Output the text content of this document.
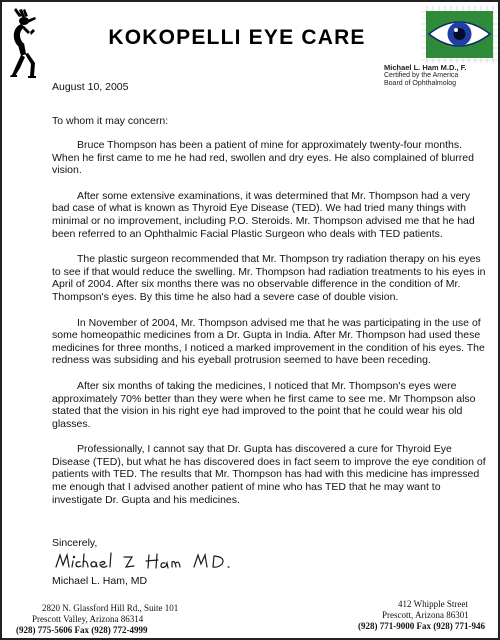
KOKOPELLI EYE CARE
Michael L. Ham M.D., F.
Certified by the America
Board of Ophthalmolog
August 10, 2005
To whom it may concern:

Bruce Thompson has been a patient of mine for approximately twenty-four months. When he first came to me he had red, swollen and dry eyes. He also complained of blurred vision.

After some extensive examinations, it was determined that Mr. Thompson had a very bad case of what is known as Thyroid Eye Disease (TED). We had tried many things with minimal or no improvement, including P.O. Steroids. Mr. Thompson advised me that he had been referred to an Ophthalmic Facial Plastic Surgeon who deals with TED patients.

The plastic surgeon recommended that Mr. Thompson try radiation therapy on his eyes to see if that would reduce the swelling. Mr. Thompson had radiation treatments to his eyes in April of 2004. After six months there was no observable difference in the condition of Mr. Thompson's eyes. By this time he also had a severe case of double vision.

In November of 2004, Mr. Thompson advised me that he was participating in the use of some homeopathic medicines from a Dr. Gupta in India. After Mr. Thompson had used these medicines for three months, I noticed a marked improvement in the condition of his eyes. The redness was subsiding and his eyeball protrusion seemed to have been receding.

After six months of taking the medicines, I noticed that Mr. Thompson's eyes were approximately 70% better than they were when he first came to see me. Mr Thompson also stated that the vision in his right eye had improved to the point that he could wear his old glasses.

Professionally, I cannot say that Dr. Gupta has discovered a cure for Thyroid Eye Disease (TED), but what he has discovered does in fact seem to improve the eye condition of patients with TED. The results that Mr. Thompson has had with this medicine has impressed me enough that I advised another patient of mine who has TED that he may want to investigate Dr. Gupta and his medicines.

Sincerely,
Michael L. Ham, MD
2820 N. Glassford Hill Rd., Suite 101
Prescott Valley, Arizona 86314
(928) 775-5606 Fax (928) 772-4999
412 Whipple Street
Prescott, Arizona 86301
(928) 771-9000 Fax (928) 771-946
